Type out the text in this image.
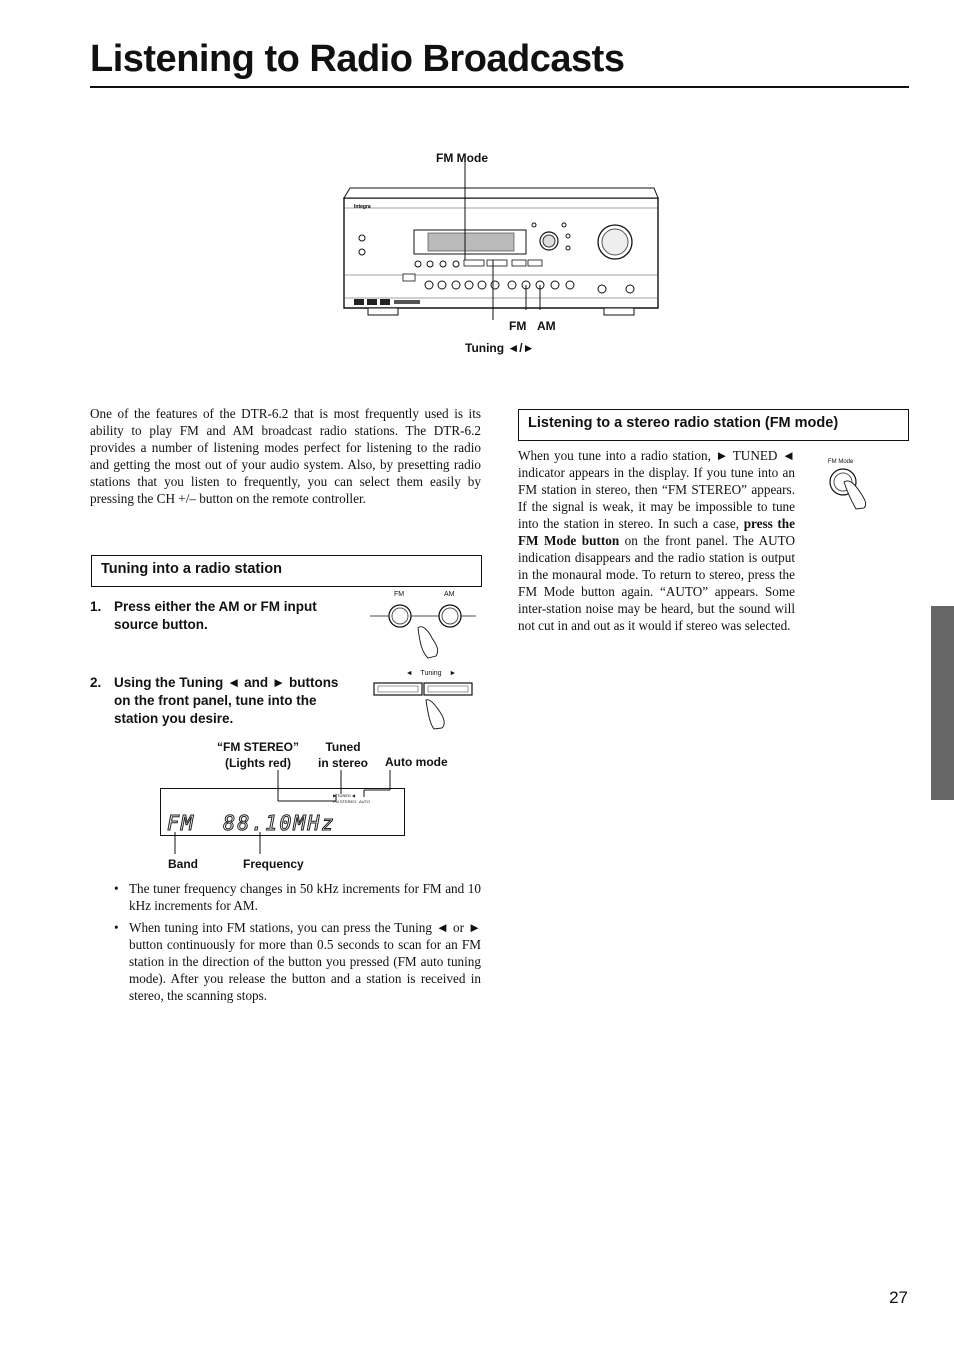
Listening to Radio Broadcasts
FM Mode
Integra
FM AM
Tuning ◄/►

One of the features of the DTR-6.2 that is most frequently used is its ability to play FM and AM broadcast radio stations. The DTR-6.2 provides a number of listening modes perfect for listening to the radio and getting the most out of your audio system. Also, by presetting radio stations that you listen to frequently, you can select them easily by pressing the CH +/– button on the remote controller.

Tuning into a radio station
1. Press either the AM or FM input source button.
FM	AM
2. Using the Tuning ◄ and ► buttons on the front panel, tune into the station you desire.
◄    Tuning    ►
“FM STEREO”
(Lights red)
Tuned
in stereo	Auto mode
▶ TUNED ◀
FM STEREO AUTO
FM  88.10MHz
Band	Frequency
• The tuner frequency changes in 50 kHz increments for FM and 10 kHz increments for AM.
• When tuning into FM stations, you can press the Tuning ◄ or ► button continuously for more than 0.5 seconds to scan for an FM station in the direction of the button you pressed (FM auto tuning mode). After you release the button and a station is received in stereo, the scanning stops.
Listening to a stereo radio station (FM mode)

When you tune into a radio station, ► TUNED ◄ indicator appears in the display. If you tune into an FM station in stereo, then “FM STEREO” appears. If the signal is weak, it may be impossible to tune into the station in stereo. In such a case, press the FM Mode button on the front panel. The AUTO indication disappears and the radio station is output in the monaural mode. To return to stereo, press the FM Mode button again. “AUTO” appears. Some inter-station noise may be heard, but the sound will not cut in and out as it would if stereo was selected.

FM Mode
27
